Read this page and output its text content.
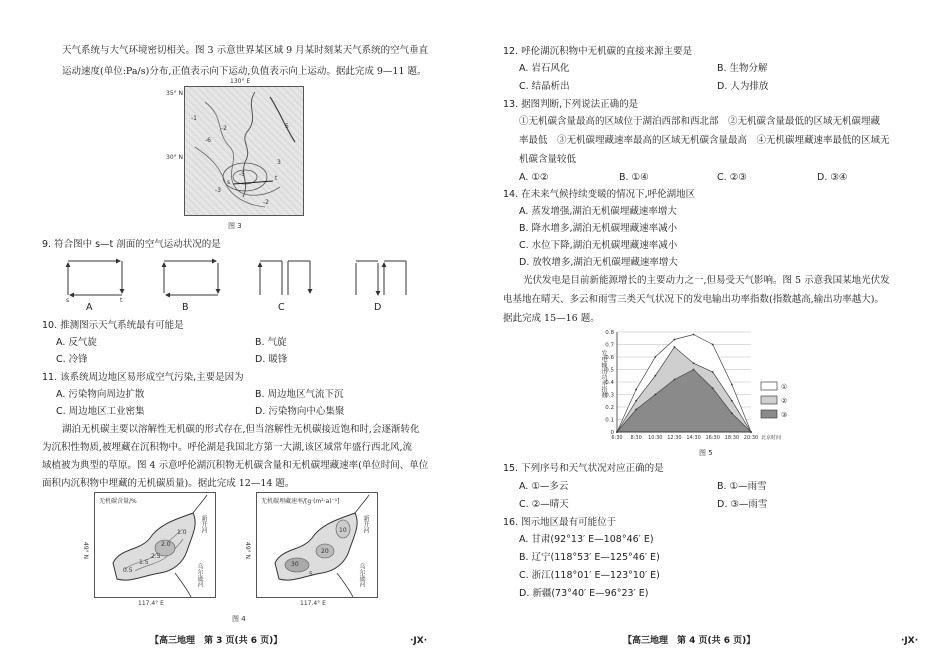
天气系统与大气环境密切相关。图 3 示意世界某区域 9 月某时刻某天气系统的空气垂直
运动速度(单位:Pa/s)分布,正值表示向下运动,负值表示向上运动。据此完成 9—11 题。
130° E
35° N
30° N
-1
-6
-2
-5
-3
-2
3
5
s
t
图 3
9. 符合图中 s—t 剖面的空气运动状况的是
s	t
A	B	C	D
10. 推测图示天气系统最有可能是
A. 反气旋	B. 气旋
C. 冷锋	D. 暖锋
11. 该系统周边地区易形成空气污染,主要是因为
A. 污染物向周边扩散	B. 周边地区气流下沉
C. 周边地区工业密集	D. 污染物向中心集聚
湖泊无机碳主要以溶解性无机碳的形式存在,但当溶解性无机碳接近饱和时,会逐渐转化
为沉积性物质,被埋藏在沉积物中。呼伦湖是我国北方第一大湖,该区域常年盛行西北风,流
域植被为典型的草原。图 4 示意呼伦湖沉积物无机碳含量和无机碳埋藏速率(单位时间、单位
面积内沉积物中埋藏的无机碳质量)。据此完成 12—14 题。
无机碳含量/%
2.5
2.0
1.5
1.0
0.5
新开河
乌尔逊河
49° N
117.4° E
无机碳埋藏速率/[g·(m²·a)⁻¹]
30
20
10
5
新开河
乌尔逊河
49° N
117.4° E
图 4
【高三地理　第 3 页(共 6 页)】	·JX·
12. 呼伦湖沉积物中无机碳的直接来源主要是
A. 岩石风化	B. 生物分解
C. 结晶析出	D. 人为排放
13. 据图判断,下列说法正确的是
①无机碳含量最高的区域位于湖泊西部和西北部　②无机碳含量最低的区域无机碳埋藏
率最低　③无机碳埋藏速率最高的区域无机碳含量最高　④无机碳埋藏速率最低的区域无
机碳含量较低
A. ①②	B. ①④	C. ②③	D. ③④
14. 在未来气候持续变暖的情况下,呼伦湖地区
A. 蒸发增强,湖泊无机碳埋藏速率增大
B. 降水增多,湖泊无机碳埋藏速率减小
C. 水位下降,湖泊无机碳埋藏速率减小
D. 放牧增多,湖泊无机碳埋藏速率增大
光伏发电是目前新能源增长的主要动力之一,但易受天气影响。图 5 示意我国某地光伏发
电基地在晴天、多云和雨雪三类天气状况下的发电输出功率指数(指数越高,输出功率越大)。
据此完成 15—16 题。
0.8
0.7
0.6
0.5
0.4
0.3
0.2
0.1
0
6:30 8:30 10:30 12:30 14:30 16:30 18:30 20:30 北京时间
①
②
③
发电输出功率指数
图 5
15. 下列序号和天气状况对应正确的是
A. ①—多云	B. ①—雨雪
C. ②—晴天	D. ③—雨雪
16. 图示地区最有可能位于
A. 甘肃(92°13′ E—108°46′ E)
B. 辽宁(118°53′ E—125°46′ E)
C. 浙江(118°01′ E—123°10′ E)
D. 新疆(73°40′ E—96°23′ E)
【高三地理　第 4 页(共 6 页)】	·JX·
